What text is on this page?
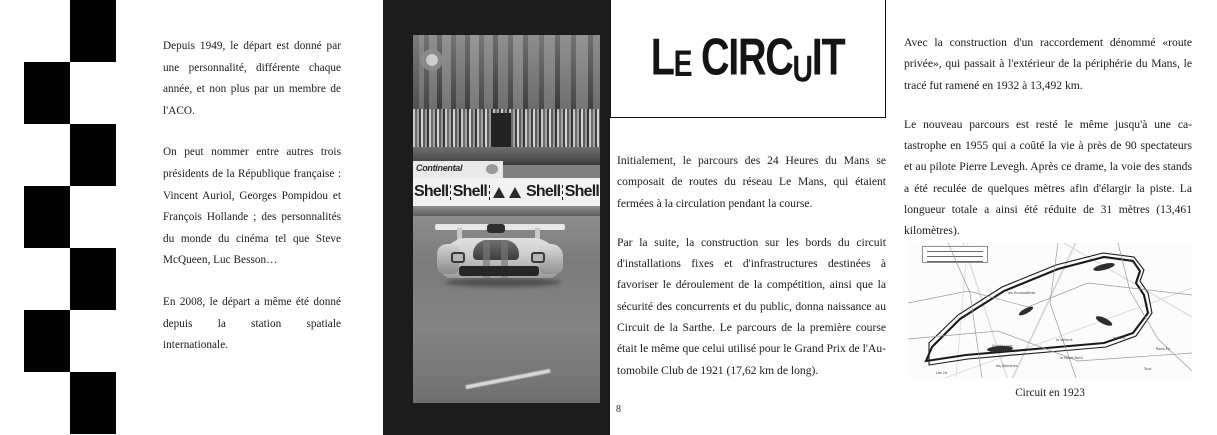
Depuis 1949, le départ est donné par une personnalité, différente chaque année, et non plus par un membre de l'ACO.

On peut nommer entre autres trois présidents de la République française : Vincent Auriol, Georges Pompidou et François Hollande ; des personnalités du monde du cinéma tel que Steve McQueen, Luc Besson…

En 2008, le départ a même été donné depuis la station spatiale internationale.

Continental
Shell Shell Shell Shell
LE CIRCUIT

Initialement, le parcours des 24 Heures du Mans se composait de routes du réseau Le Mans, qui étaient fermées à la circulation pendant la course.

Par la suite, la construction sur les bords du circuit d'installations fixes et d'infrastructures destinées à favoriser le déroulement de la compétition, ainsi que la sécurité des concurrents et du public, donna naissance au Circuit de la Sarthe. Le parcours de la première course était le même que celui utilisé pour le Grand Prix de l'Automobile Club de 1921 (17,62 km de long).

8

Avec la construction d'un raccordement dénommé «route privée», qui passait à l'extérieur de la périphérie du Mans, le tracé fut ramené en 1932 à 13,492 km.

Le nouveau parcours est resté le même jusqu'à une catastrophe en 1955 qui a coûté la vie à près de 90 spectateurs et au pilote Pierre Levegh. Après ce drame, la voie des stands a été reculée de quelques mètres afin d'élargir la piste. La longueur totale a ainsi été réduite de 31 mètres (13,461 kilomètres).

les Hunaudières
la Terre
Guelle-Loup
les Raineries
le Noret Nord
la Vallerie
Les 24
Rond Ey
Tout
Circuit en 1923
